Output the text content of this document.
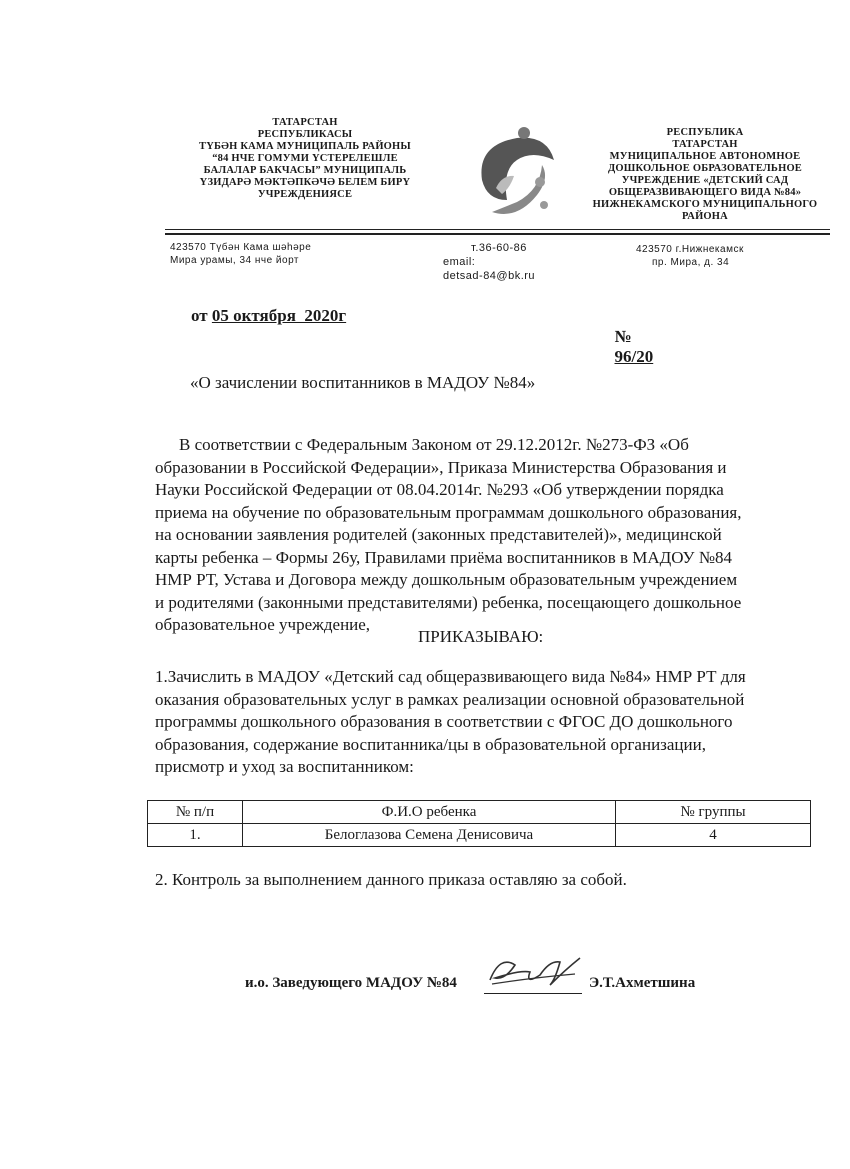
ТАТАРСТАН
РЕСПУБЛИКАСЫ
ТҮБӘН КАМА МУНИЦИПАЛЬ РАЙОНЫ
“84 НЧЕ ГОМУМИ ҮСТЕРЕЛЕШЛЕ
БАЛАЛАР БАКЧАСЫ” МУНИЦИПАЛЬ
ҮЗИДАРӘ МӘКТӘПКӘЧӘ БЕЛЕМ БИРҮ
УЧРЕЖДЕНИЯСЕ
РЕСПУБЛИКА
ТАТАРСТАН
МУНИЦИПАЛЬНОЕ АВТОНОМНОЕ
ДОШКОЛЬНОЕ ОБРАЗОВАТЕЛЬНОЕ
УЧРЕЖДЕНИЕ «ДЕТСКИЙ САД
ОБЩЕРАЗВИВАЮЩЕГО ВИДА №84»
НИЖНЕКАМСКОГО МУНИЦИПАЛЬНОГО
РАЙОНА
423570 Түбән Кама шәһәре
Мира урамы, 34 нче йорт
т.36-60-86
email:
detsad-84@bk.ru
423570 г.Нижнекамск
пр. Мира, д. 34
от 05 октября  2020г

№
96/20

«О зачислении воспитанников в МАДОУ №84»
В соответствии с Федеральным Законом от 29.12.2012г. №273-ФЗ «Об
образовании в Российской Федерации», Приказа Министерства Образования и
Науки Российской Федерации от 08.04.2014г. №293 «Об утверждении порядка
приема на обучение по образовательным программам дошкольного образования,
на основании заявления родителей (законных представителей)», медицинской
карты ребенка – Формы 26у, Правилами приёма воспитанников в МАДОУ №84
НМР РТ, Устава и Договора между дошкольным образовательным учреждением
и родителями (законными представителями) ребенка, посещающего дошкольное
образовательное учреждение,
ПРИКАЗЫВАЮ:
1.Зачислить в МАДОУ «Детский сад общеразвивающего вида №84» НМР РТ для
оказания образовательных услуг в рамках реализации основной образовательной
программы дошкольного образования в соответствии с ФГОС ДО дошкольного
образования, содержание воспитанника/цы в образовательной организации,
присмотр и уход за воспитанником:
№ п/п	Ф.И.О ребенка	№ группы
1.	Белоглазова Семена Денисовича	4
2. Контроль за выполнением данного приказа оставляю за собой.
и.о. Заведующего МАДОУ №84	Э.Т.Ахметшина
